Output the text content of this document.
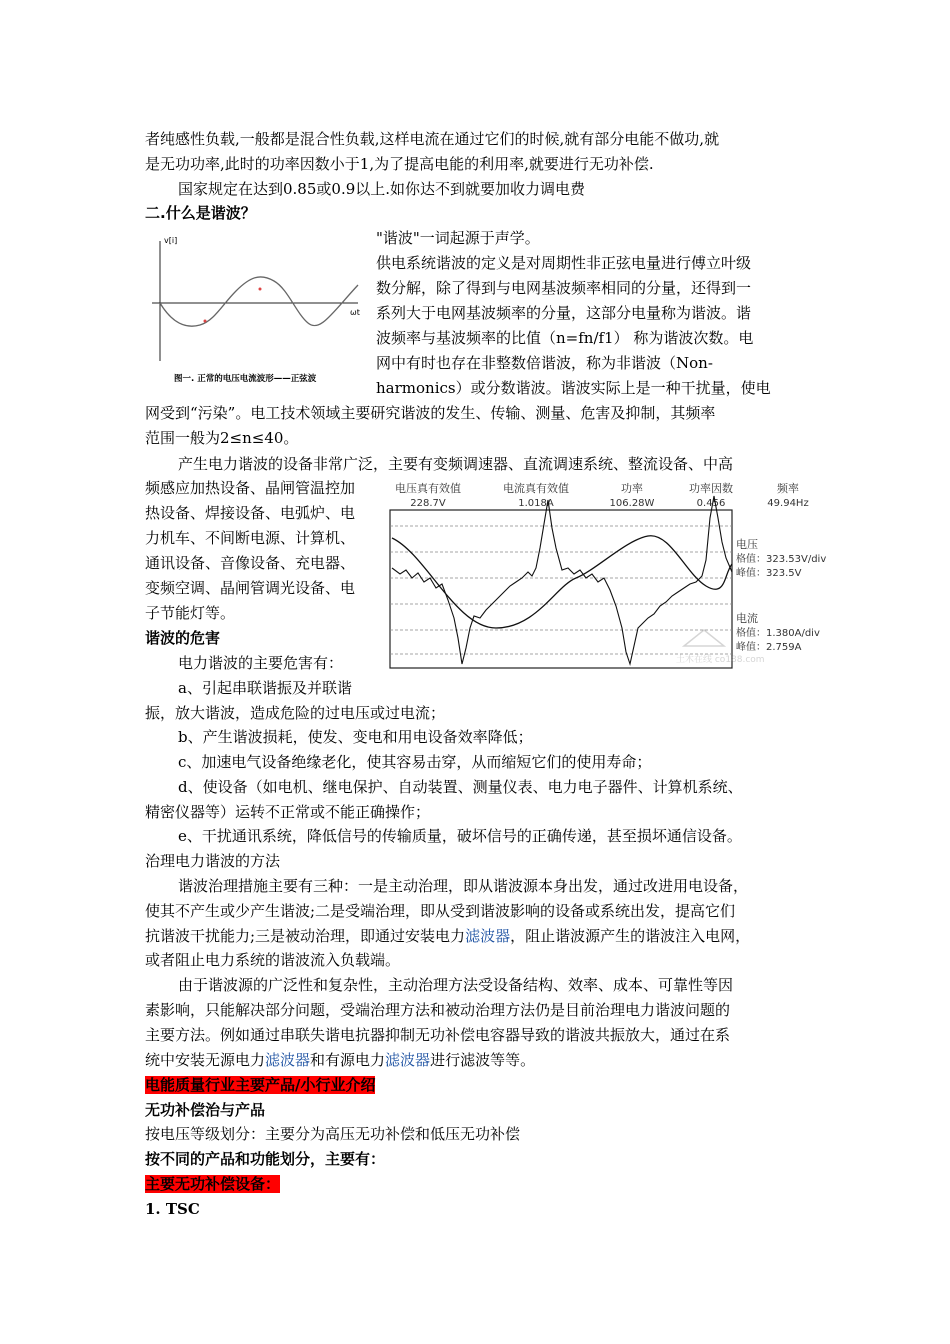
者纯感性负载,一般都是混合性负载,这样电流在通过它们的时候,就有部分电能不做功,就
是无功功率,此时的功率因数小于1,为了提高电能的利用率,就要进行无功补偿.
国家规定在达到0.85或0.9以上.如你达不到就要加收力调电费
二.什么是谐波？
v[i]
ωt
图一. 正常的电压电流波形——正弦波
"谐波"一词起源于声学。
供电系统谐波的定义是对周期性非正弦电量进行傅立叶级
数分解，除了得到与电网基波频率相同的分量，还得到一
系列大于电网基波频率的分量，这部分电量称为谐波。谐
波频率与基波频率的比值（n=fn/f1） 称为谐波次数。电
网中有时也存在非整数倍谐波，称为非谐波（Non-
harmonics）或分数谐波。谐波实际上是一种干扰量，使电
网受到“污染”。电工技术领域主要研究谐波的发生、传输、测量、危害及抑制，其频率
范围一般为2≤n≤40。
产生电力谐波的设备非常广泛，主要有变频调速器、直流调速系统、整流设备、中高
频感应加热设备、晶闸管温控加
热设备、焊接设备、电弧炉、电
力机车、不间断电源、计算机、
通讯设备、音像设备、充电器、
变频空调、晶闸管调光设备、电
子节能灯等。
电压真有效值
228.7V
电流真有效值
1.018A
功率
106.28W
功率因数
0.456
频率
49.94Hz
电压
格值：323.53V/div
峰值：323.5V
电流
格值：1.380A/div
峰值：2.759A
土木在线 co188.com
谐波的危害
电力谐波的主要危害有：
a、引起串联谐振及并联谐
振，放大谐波，造成危险的过电压或过电流；
b、产生谐波损耗，使发、变电和用电设备效率降低；
c、加速电气设备绝缘老化，使其容易击穿，从而缩短它们的使用寿命；
d、使设备（如电机、继电保护、自动装置、测量仪表、电力电子器件、计算机系统、
精密仪器等）运转不正常或不能正确操作；
e、干扰通讯系统，降低信号的传输质量，破坏信号的正确传递，甚至损坏通信设备。
治理电力谐波的方法
谐波治理措施主要有三种：一是主动治理，即从谐波源本身出发，通过改进用电设备，
使其不产生或少产生谐波;二是受端治理，即从受到谐波影响的设备或系统出发，提高它们
抗谐波干扰能力;三是被动治理，即通过安装电力滤波器，阻止谐波源产生的谐波注入电网，
或者阻止电力系统的谐波流入负载端。
由于谐波源的广泛性和复杂性，主动治理方法受设备结构、效率、成本、可靠性等因
素影响，只能解决部分问题，受端治理方法和被动治理方法仍是目前治理电力谐波问题的
主要方法。例如通过串联失谐电抗器抑制无功补偿电容器导致的谐波共振放大，通过在系
统中安装无源电力滤波器和有源电力滤波器进行滤波等等。
电能质量行业主要产品/小行业介绍
无功补偿治与产品
按电压等级划分：主要分为高压无功补偿和低压无功补偿
按不同的产品和功能划分，主要有：
主要无功补偿设备：
1. TSC
